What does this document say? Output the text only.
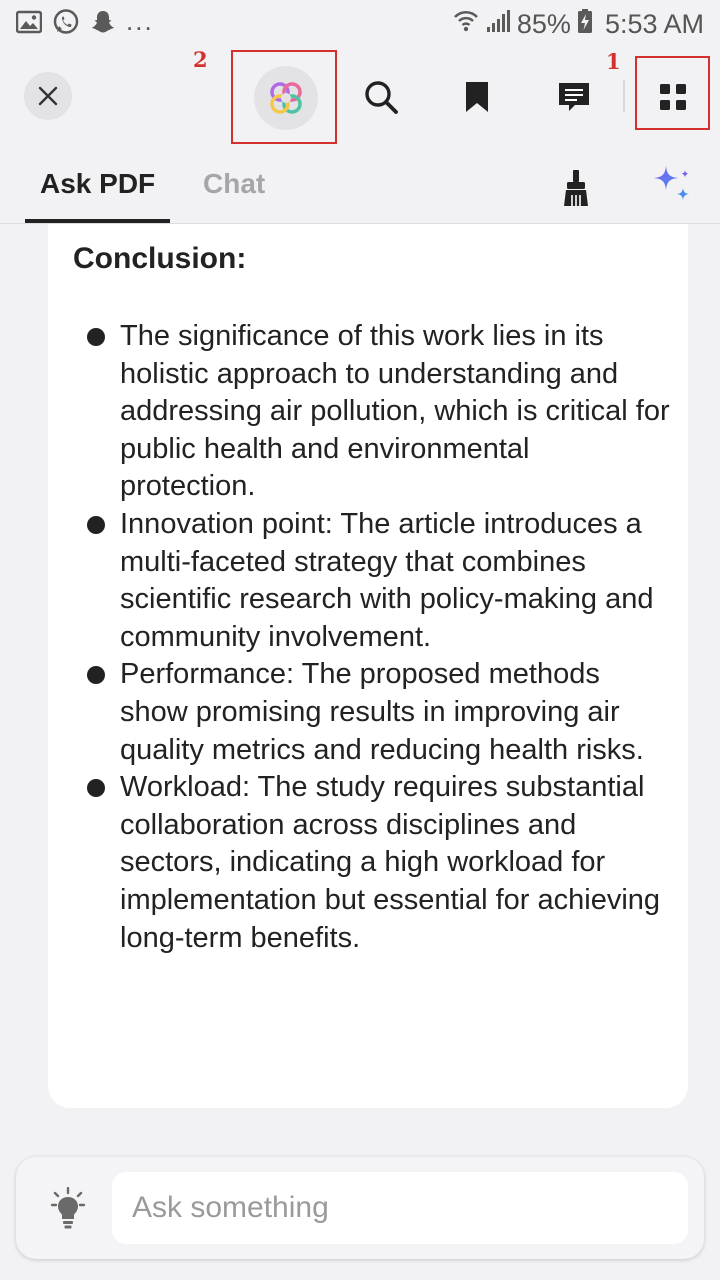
...	85% 5:53 AM
2	1
Ask PDF Chat
Conclusion:
The significance of this work lies in its holistic approach to understanding and addressing air pollution, which is critical for public health and environmental protection.
Innovation point: The article introduces a multi-faceted strategy that combines scientific research with policy-making and community involvement.
Performance: The proposed methods show promising results in improving air quality metrics and reducing health risks.
Workload: The study requires substantial collaboration across disciplines and sectors, indicating a high workload for implementation but essential for achieving long-term benefits.
Ask something
